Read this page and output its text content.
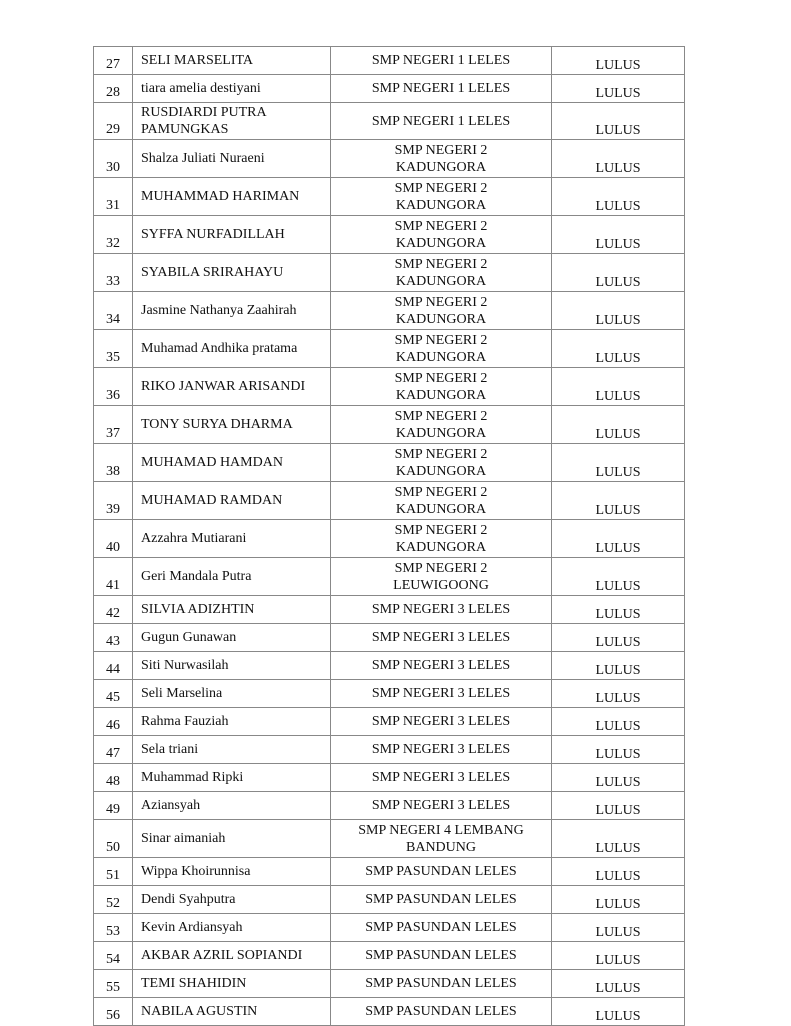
27	SELI MARSELITA	SMP NEGERI 1 LELES	LULUS
28	tiara amelia destiyani	SMP NEGERI 1 LELES	LULUS
29	RUSDIARDI PUTRA PAMUNGKAS	SMP NEGERI 1 LELES	LULUS
30	Shalza Juliati Nuraeni	SMP NEGERI 2
KADUNGORA	LULUS
31	MUHAMMAD HARIMAN	SMP NEGERI 2
KADUNGORA	LULUS
32	SYFFA NURFADILLAH	SMP NEGERI 2
KADUNGORA	LULUS
33	SYABILA SRIRAHAYU	SMP NEGERI 2
KADUNGORA	LULUS
34	Jasmine Nathanya Zaahirah	SMP NEGERI 2
KADUNGORA	LULUS
35	Muhamad Andhika pratama	SMP NEGERI 2
KADUNGORA	LULUS
36	RIKO JANWAR ARISANDI	SMP NEGERI 2
KADUNGORA	LULUS
37	TONY SURYA DHARMA	SMP NEGERI 2
KADUNGORA	LULUS
38	MUHAMAD HAMDAN	SMP NEGERI 2
KADUNGORA	LULUS
39	MUHAMAD RAMDAN	SMP NEGERI 2
KADUNGORA	LULUS
40	Azzahra Mutiarani	SMP NEGERI 2
KADUNGORA	LULUS
41	Geri Mandala Putra	SMP NEGERI 2
LEUWIGOONG	LULUS
42	SILVIA ADIZHTIN	SMP NEGERI 3 LELES	LULUS
43	Gugun Gunawan	SMP NEGERI 3 LELES	LULUS
44	Siti Nurwasilah	SMP NEGERI 3 LELES	LULUS
45	Seli Marselina	SMP NEGERI 3 LELES	LULUS
46	Rahma Fauziah	SMP NEGERI 3 LELES	LULUS
47	Sela triani	SMP NEGERI 3 LELES	LULUS
48	Muhammad Ripki	SMP NEGERI 3 LELES	LULUS
49	Aziansyah	SMP NEGERI 3 LELES	LULUS
50	Sinar aimaniah	SMP NEGERI 4 LEMBANG
BANDUNG	LULUS
51	Wippa Khoirunnisa	SMP PASUNDAN LELES	LULUS
52	Dendi Syahputra	SMP PASUNDAN LELES	LULUS
53	Kevin Ardiansyah	SMP PASUNDAN LELES	LULUS
54	AKBAR AZRIL SOPIANDI	SMP PASUNDAN LELES	LULUS
55	TEMI SHAHIDIN	SMP PASUNDAN LELES	LULUS
56	NABILA AGUSTIN	SMP PASUNDAN LELES	LULUS
